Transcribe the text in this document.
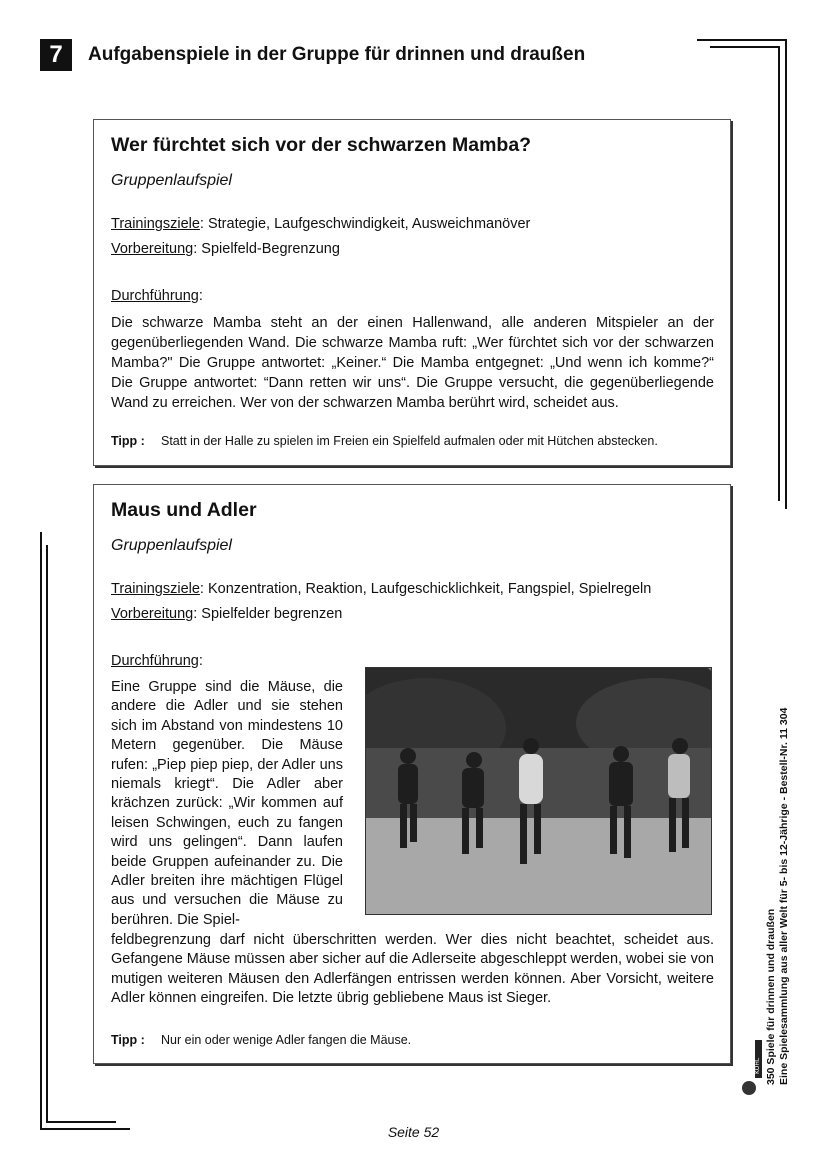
7	Aufgabenspiele in der Gruppe für drinnen und draußen
Wer fürchtet sich vor der schwarzen Mamba?
Gruppenlaufspiel
Trainingsziele: Strategie, Laufgeschwindigkeit, Ausweichmanöver
Vorbereitung: Spielfeld-Begrenzung
Durchführung:
Die schwarze Mamba steht an der einen Hallenwand, alle anderen Mitspieler an der gegenüberliegenden Wand. Die schwarze Mamba ruft: „Wer fürchtet sich vor der schwarzen Mamba?" Die Gruppe antwortet: „Keiner.“ Die Mamba entgegnet: „Und wenn ich komme?“ Die Gruppe antwortet: “Dann retten wir uns“. Die Gruppe versucht, die gegenüberliegende Wand zu erreichen. Wer von der schwarzen Mamba berührt wird, scheidet aus.
Tipp : Statt in der Halle zu spielen im Freien ein Spielfeld aufmalen oder mit Hütchen abstecken.
Maus und Adler
Gruppenlaufspiel
Trainingsziele: Konzentration, Reaktion, Laufgeschicklichkeit, Fangspiel, Spielregeln
Vorbereitung: Spielfelder begrenzen
Durchführung:
Eine Gruppe sind die Mäuse, die andere die Adler und sie stehen sich im Abstand von mindestens 10 Metern gegenüber. Die Mäuse rufen: „Piep piep piep, der Adler uns niemals kriegt“. Die Adler aber krächzen zurück: „Wir kommen auf leisen Schwingen, euch zu fangen wird uns gelingen“. Dann laufen beide Gruppen aufeinander zu. Die Adler breiten ihre mächtigen Flügel aus und versuchen die Mäuse zu berühren. Die Spiel-
feldbegrenzung darf nicht überschritten werden. Wer dies nicht beachtet, scheidet aus. Gefangene Mäuse müssen aber sicher auf die Adlerseite abgeschleppt werden, wobei sie von mutigen weiteren Mäusen den Adlerfängen entrissen werden können. Aber Vorsicht, weitere Adler können eingreifen. Die letzte übrig gebliebene Maus ist Sieger.
Tipp : Nur ein oder wenige Adler fangen die Mäuse.	350 Spiele für drinnen und draußen Eine Spielesammlung aus aller Welt für 5- bis 12-Jährige - Bestell-Nr. 11 304
KOHL
Seite 52
